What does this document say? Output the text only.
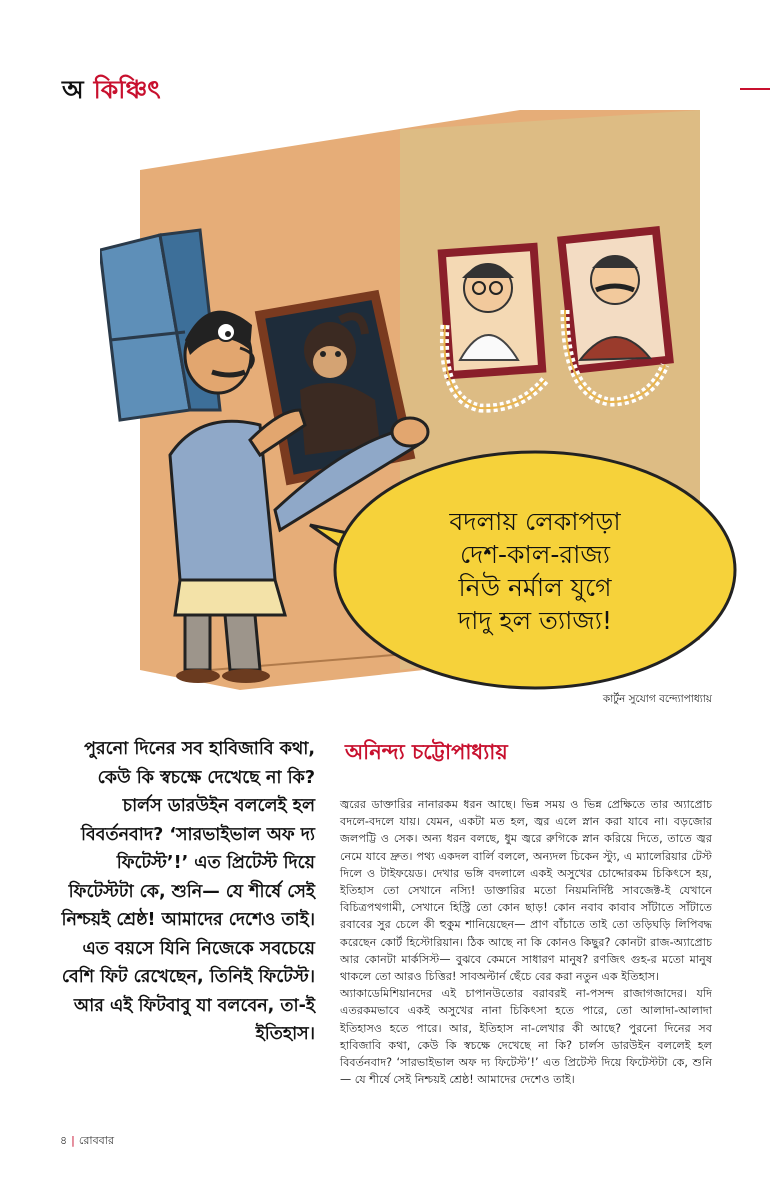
অ কিঞ্চিৎ
বদলায় লেকাপড়া
দেশ-কাল-রাজ্য
নিউ নর্মাল যুগে
দাদু হল ত্যাজ্য!
কার্টুন সুযোগ বন্দ্যোপাধ্যায়
পুরনো দিনের সব হাবিজাবি কথা, কেউ কি স্বচক্ষে দেখেছে না কি? চার্লস ডারউইন বললেই হল বিবর্তনবাদ? ‘সারভাইভাল অফ দ্য ফিটেস্ট’!’ এত প্রিটেস্ট দিয়ে ফিটেস্টটা কে, শুনি— যে শীর্ষে সেই নিশ্চয়ই শ্রেষ্ঠ! আমাদের দেশেও তাই। এত বয়সে যিনি নিজেকে সবচেয়ে বেশি ফিট রেখেছেন, তিনিই ফিটেস্ট। আর এই ফিটবাবু যা বলবেন, তা-ই ইতিহাস।
অনিন্দ্য চট্টোপাধ্যায়

জ্বরের ডাক্তারির নানারকম ধরন আছে। ভিন্ন সময় ও ভিন্ন প্রেক্ষিতে তার অ্যাপ্রোচ বদলে-বদলে যায়। যেমন, একটা মত হল, জ্বর এলে স্নান করা যাবে না। বড়জোর জলপট্টি ও সেক। অন্য ধরন বলছে, ধুম জ্বরে রুগিকে স্নান করিয়ে দিতে, তাতে জ্বর নেমে যাবে দ্রুত। পথ্য একদল বার্লি বললে, অন্যদল চিকেন স্ট্যু, এ ম্যালেরিয়ার টেস্ট দিলে ও টাইফয়েড। দেখার ভঙ্গি বদলালে একই অসুখের চোদ্দোরকম চিকিৎসে হয়, ইতিহাস তো সেখানে নস্যি! ডাক্তারির মতো নিয়মনির্দিষ্ট সাবজেক্ট-ই যেখানে বিচিত্রপথগামী, সেখানে হিস্ট্রি তো কোন ছাড়! কোন নবাব কাবাব সাঁটাতে সাঁটাতে রবাবের সুর চেলে কী হুকুম শানিয়েছেন— প্রাণ বাঁচাতে তাই তো তড়িঘড়ি লিপিবদ্ধ করেছেন কোর্ট হিস্টোরিয়ান। ঠিক আছে না কি কোনও কিছুর? কোনটা রাজ-অ্যাপ্রোচ আর কোনটা মার্কসিস্ট— বুঝবে কেমনে সাধারণ মানুষ? রণজিৎ গুহ-র মতো মানুষ থাকলে তো আরও চিত্তির! সাবঅল্টার্ন ছেঁচে বের করা নতুন এক ইতিহাস।

অ্যাকাডেমিশিয়ানদের এই চাপানউতোর বরাবরই না-পসন্দ রাজাগজাদের। যদি এতরকমভাবে একই অসুখের নানা চিকিৎসা হতে পারে, তো আলাদা-আলাদা ইতিহাসও হতে পারে। আর, ইতিহাস না-লেখার কী আছে? পুরনো দিনের সব হাবিজাবি কথা, কেউ কি স্বচক্ষে দেখেছে না কি? চার্লস ডারউইন বললেই হল বিবর্তনবাদ? ‘সারভাইভাল অফ দ্য ফিটেস্ট’!’ এত প্রিটেস্ট দিয়ে ফিটেস্টটা কে, শুনি— যে শীর্ষে সেই নিশ্চয়ই শ্রেষ্ঠ! আমাদের দেশেও তাই।

৪ | রোববার
